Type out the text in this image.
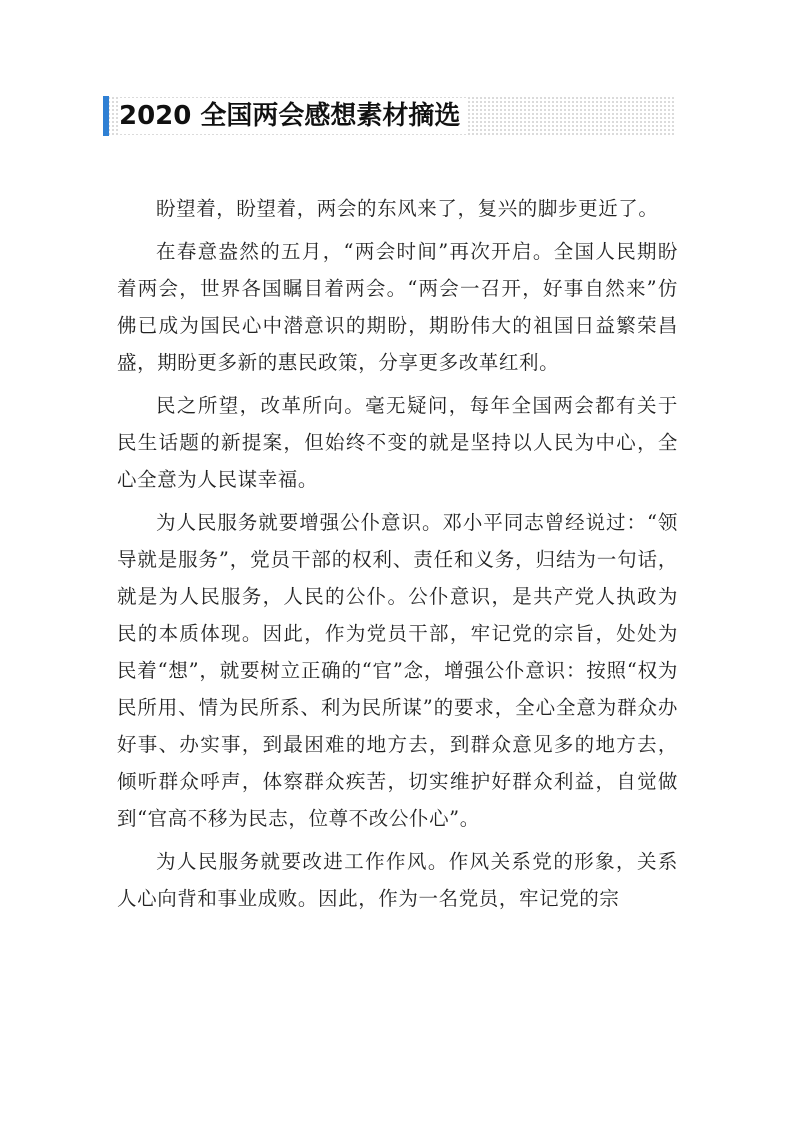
2020 全国两会感想素材摘选

盼望着，盼望着，两会的东风来了，复兴的脚步更近了。

在春意盎然的五月，“两会时间”再次开启。全国人民期盼着两会，世界各国瞩目着两会。“两会一召开，好事自然来”仿佛已成为国民心中潜意识的期盼，期盼伟大的祖国日益繁荣昌盛，期盼更多新的惠民政策，分享更多改革红利。

民之所望，改革所向。毫无疑问，每年全国两会都有关于民生话题的新提案，但始终不变的就是坚持以人民为中心，全心全意为人民谋幸福。

为人民服务就要增强公仆意识。邓小平同志曾经说过：“领导就是服务”，党员干部的权利、责任和义务，归结为一句话，就是为人民服务，人民的公仆。公仆意识，是共产党人执政为民的本质体现。因此，作为党员干部，牢记党的宗旨，处处为民着“想”，就要树立正确的“官”念，增强公仆意识：按照“权为民所用、情为民所系、利为民所谋”的要求，全心全意为群众办好事、办实事，到最困难的地方去，到群众意见多的地方去，倾听群众呼声，体察群众疾苦，切实维护好群众利益，自觉做到“官高不移为民志，位尊不改公仆心”。

为人民服务就要改进工作作风。作风关系党的形象，关系人心向背和事业成败。因此，作为一名党员，牢记党的宗
